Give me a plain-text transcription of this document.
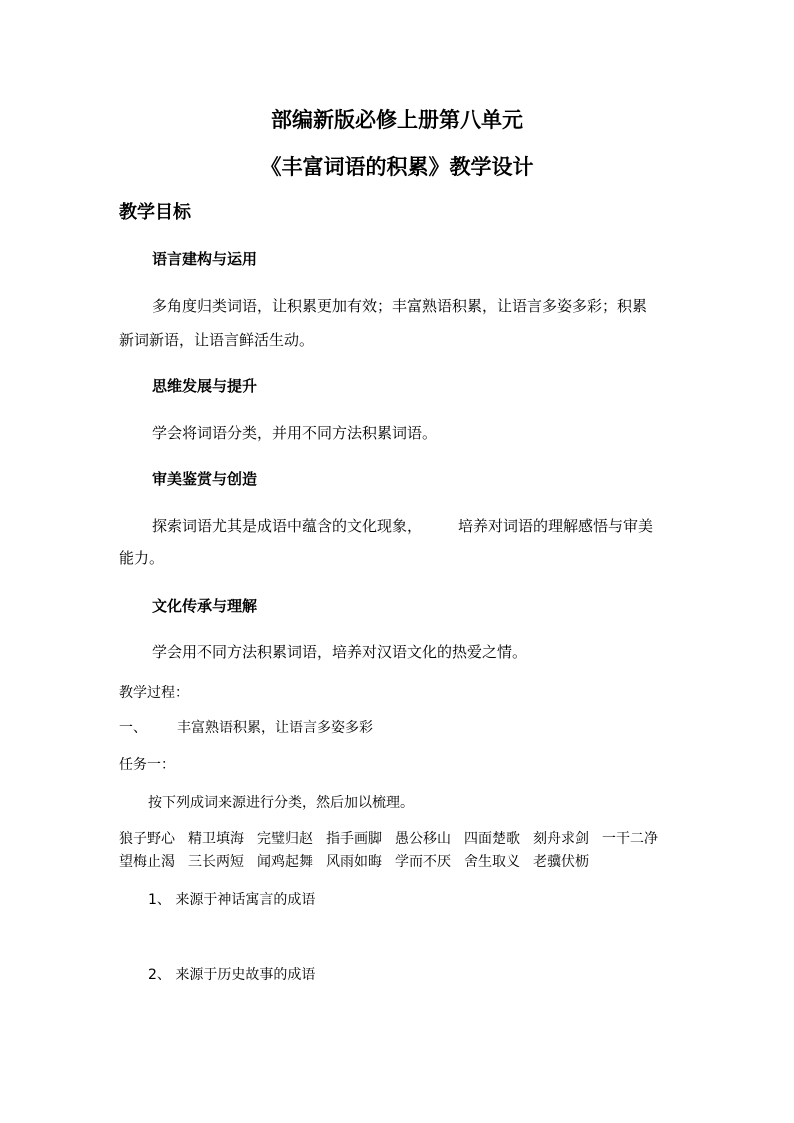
部编新版必修上册第八单元
《丰富词语的积累》教学设计
教学目标
语言建构与运用
多角度归类词语，让积累更加有效；丰富熟语积累，让语言多姿多彩；积累
新词新语，让语言鲜活生动。
思维发展与提升
学会将词语分类，并用不同方法积累词语。
审美鉴赏与创造
探索词语尤其是成语中蕴含的文化现象， 培养对词语的理解感悟与审美
能力。
文化传承与理解
学会用不同方法积累词语，培养对汉语文化的热爱之情。
教学过程：
一、 丰富熟语积累，让语言多姿多彩
任务一：
按下列成词来源进行分类，然后加以梳理。
狼子野心 精卫填海 完璧归赵 指手画脚 愚公移山 四面楚歌 刻舟求剑 一干二净
望梅止渴 三长两短 闻鸡起舞 风雨如晦 学而不厌 舍生取义 老骥伏枥
1、 来源于神话寓言的成语
2、 来源于历史故事的成语
